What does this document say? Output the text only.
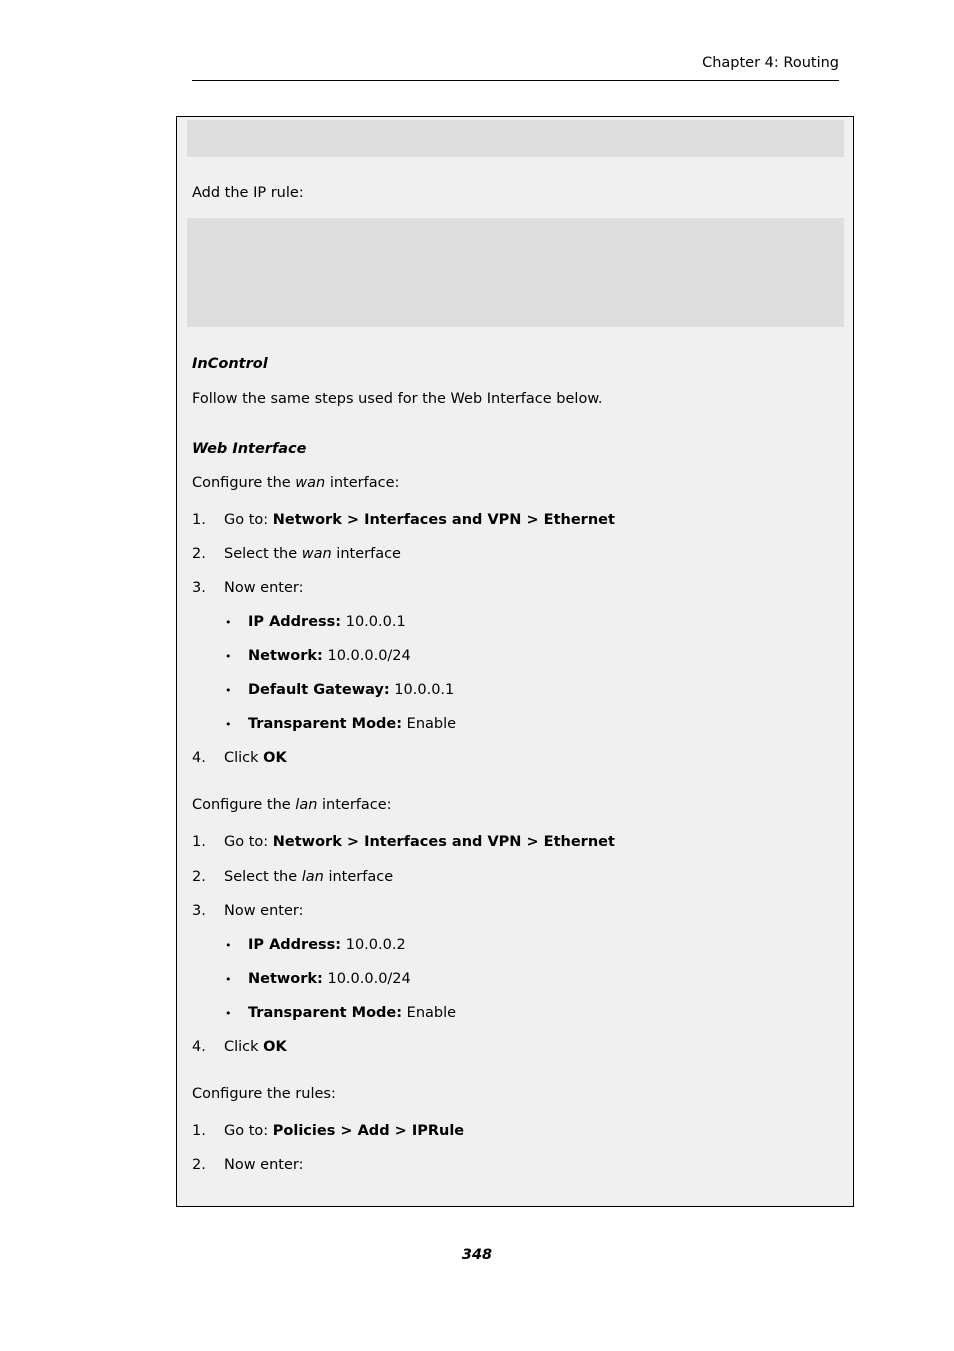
Chapter 4: Routing
Add the IP rule:
InControl
Follow the same steps used for the Web Interface below.
Web Interface
Configure the wan interface:
1. Go to: Network > Interfaces and VPN > Ethernet
2. Select the wan interface
3. Now enter:
• IP Address: 10.0.0.1
• Network: 10.0.0.0/24
• Default Gateway: 10.0.0.1
• Transparent Mode: Enable
4. Click OK
Configure the lan interface:
1. Go to: Network > Interfaces and VPN > Ethernet
2. Select the lan interface
3. Now enter:
• IP Address: 10.0.0.2
• Network: 10.0.0.0/24
• Transparent Mode: Enable
4. Click OK
Configure the rules:
1. Go to: Policies > Add > IPRule
2. Now enter:
348
